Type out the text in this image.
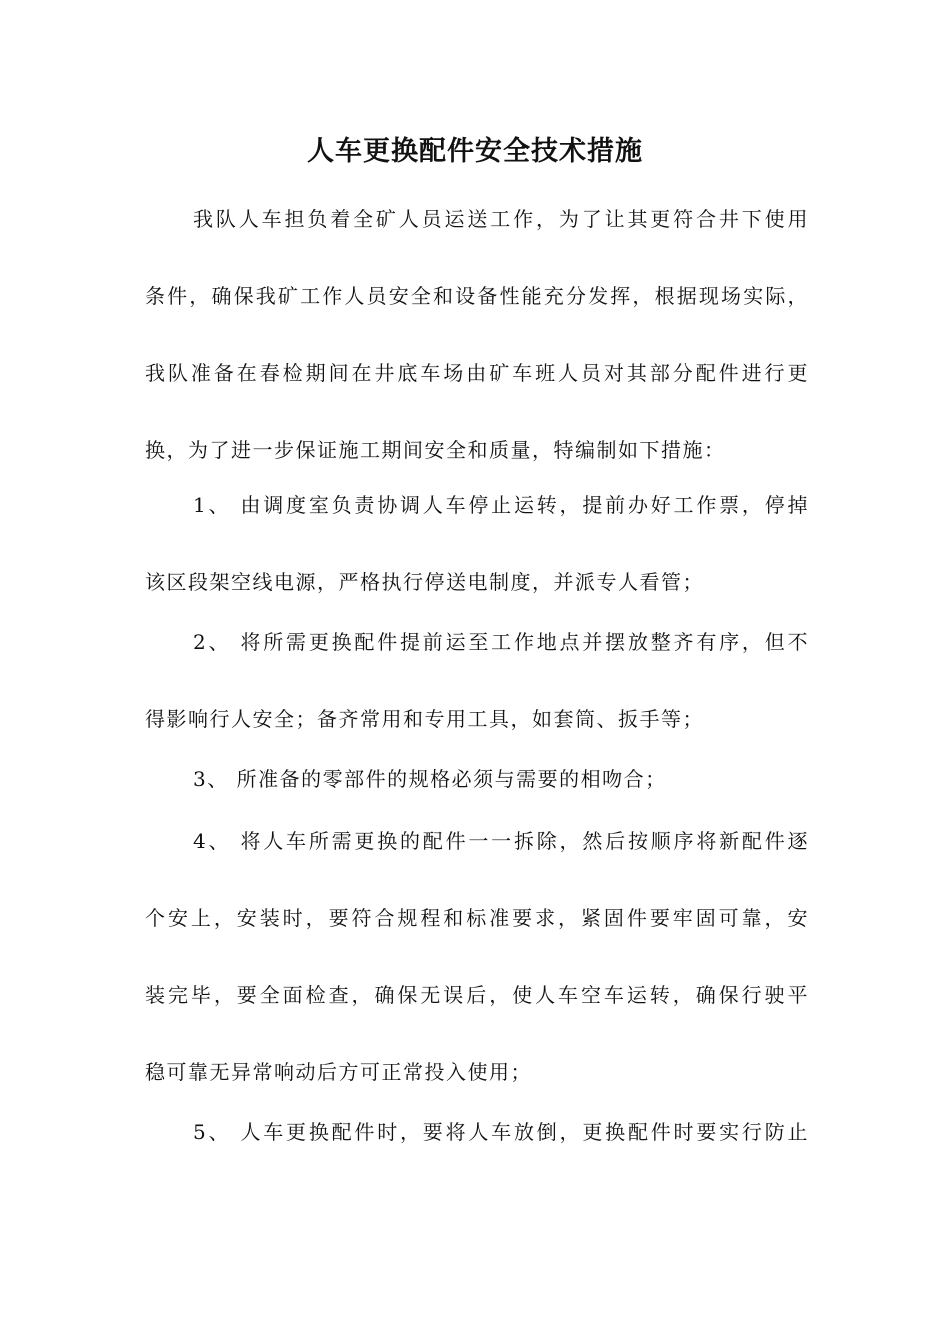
人车更换配件安全技术措施
我队人车担负着全矿人员运送工作，为了让其更符合井下使用
条件，确保我矿工作人员安全和设备性能充分发挥，根据现场实际，
我队准备在春检期间在井底车场由矿车班人员对其部分配件进行更
换，为了进一步保证施工期间安全和质量，特编制如下措施：
1、 由调度室负责协调人车停止运转，提前办好工作票，停掉
该区段架空线电源，严格执行停送电制度，并派专人看管；
2、 将所需更换配件提前运至工作地点并摆放整齐有序，但不
得影响行人安全；备齐常用和专用工具，如套筒、扳手等；
3、 所准备的零部件的规格必须与需要的相吻合；
4、 将人车所需更换的配件一一拆除，然后按顺序将新配件逐
个安上，安装时，要符合规程和标准要求，紧固件要牢固可靠，安
装完毕，要全面检查，确保无误后，使人车空车运转，确保行驶平
稳可靠无异常响动后方可正常投入使用；
5、 人车更换配件时，要将人车放倒，更换配件时要实行防止
